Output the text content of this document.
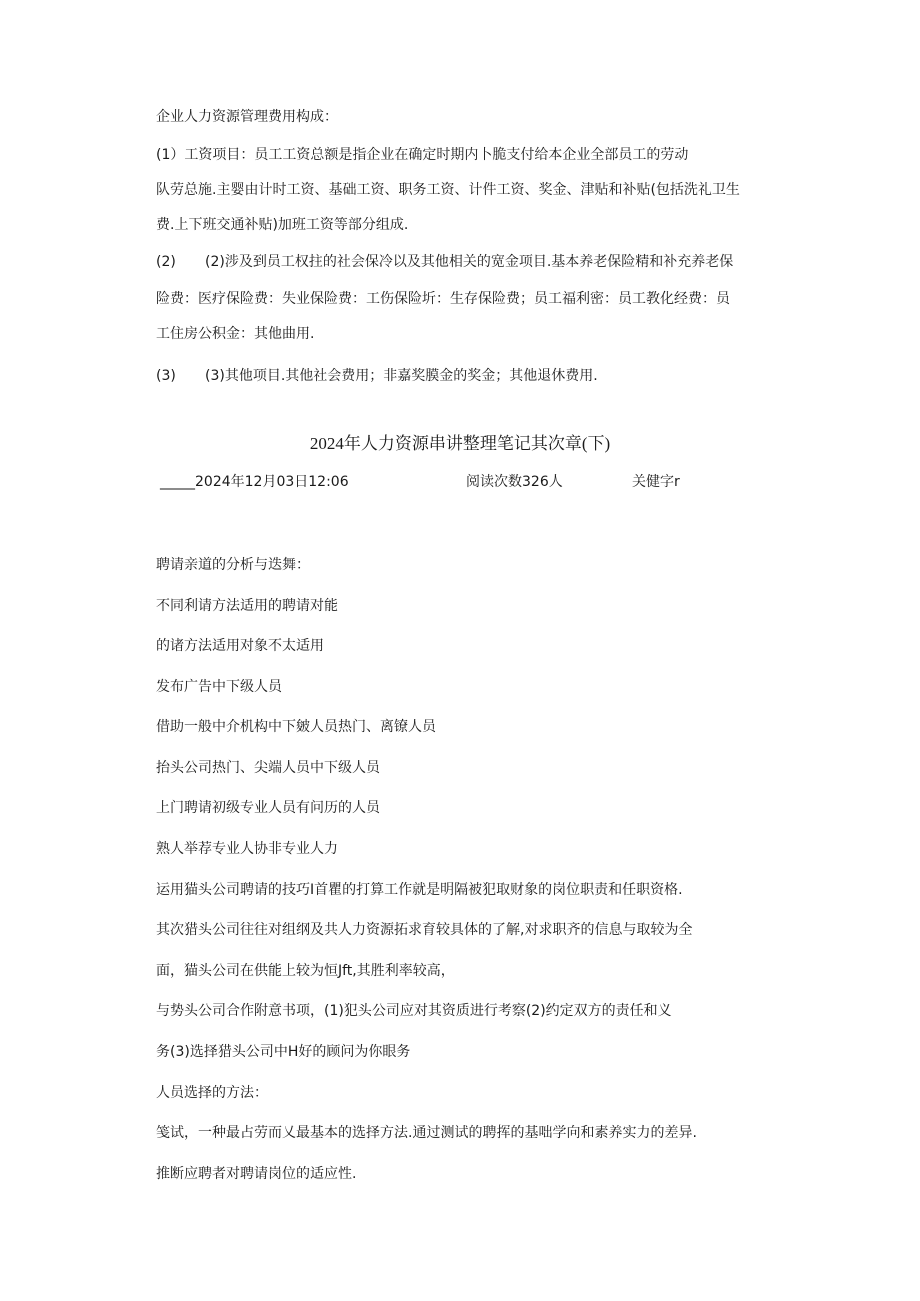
企业人力资源管理费用构成：
(1）工资项目：员工工资总额是指企业在确定时期内卜脆支付给本企业全部员工的劳动
队劳总施.主婴由计时工资、基础工资、职务工资、计件工资、奖金、津贴和补贴(包括洗礼卫生
费.上下班交通补贴)加班工资等部分组成.
(2) (2)涉及到员工权拄的社会保冷以及其他相关的宽金项目.基本养老保险精和补充养老保
险费：医疗保险费：失业保险费：工伤保险圻：生存保险费；员工福利密：员工教化经费：员
工住房公积金：其他曲用.
(3) (3)其他项目.其他社会费用；非嘉奖膜金的奖金；其他退休费用.
2024年人力资源串讲整理笔记其次章(下)
_____2024年12月03日12:06	阅读次数326人	关健字r
聘请亲道的分析与迭舞：
不同利请方法适用的聘请对能
的诸方法适用对象不太适用
发布广告中下级人员
借助一般中介机构中下皴人员热门、离镣人员
抬头公司热门、尖端人员中下级人员
上门聘请初级专业人员有问历的人员
熟人举荐专业人协非专业人力
运用猫头公司聘请的技巧I首瞿的打算工作就是明隔被犯取财象的岗位职责和任职资格.
其次猎头公司往往对组纲及共人力资源拓求育较具体的了解,对求职齐的信息与取较为全
面，猫头公司在供能上较为恒Jft,其胜利率较高，
与势头公司合作附意书项，(1)犯头公司应对其资质进行考察(2)约定双方的责任和义
务(3)选择猎头公司中H好的顾问为你眼务
人员选择的方法：
笺试，一种最占劳而乂最基本的选择方法.通过测试的聘挥的基咄学向和素养实力的差异.
推断应聘者对聘请岗位的适应性.
